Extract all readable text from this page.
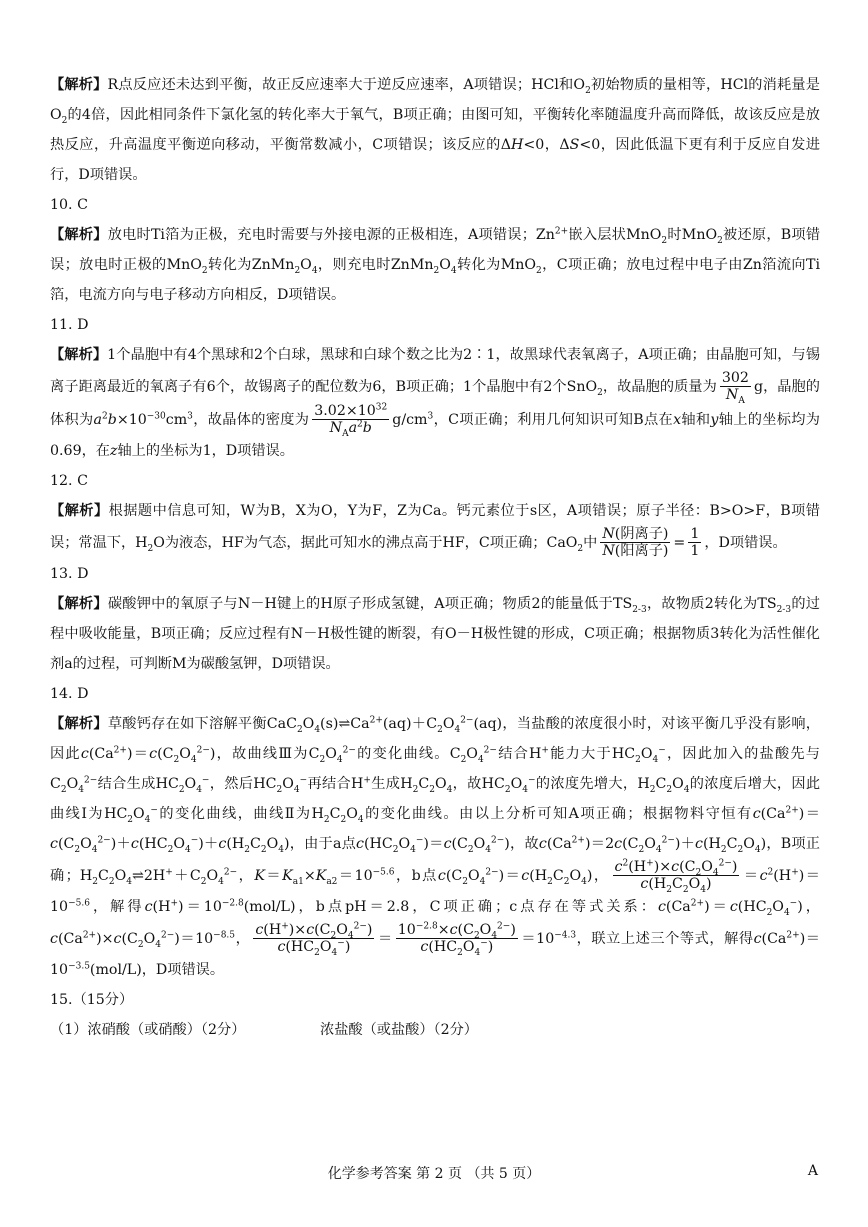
【解析】R点反应还未达到平衡，故正反应速率大于逆反应速率，A项错误；HCl和$O_2$初始物质的量相等，HCl的消耗量是$O_2$的4倍，因此相同条件下氯化氢的转化率大于氧气，B项正确；由图可知，平衡转化率随温度升高而降低，故该反应是放热反应，升高温度平衡逆向移动，平衡常数减小，C项错误；该反应的ΔH<0，ΔS<0，因此低温下更有利于反应自发进行，D项错误。

10. C

【解析】放电时Ti箔为正极，充电时需要与外接电源的正极相连，A项错误；$Zn^{2+}$嵌入层状MnO$_2$时MnO$_2$被还原，B项错误；放电时正极的MnO$_2$转化为$ZnMn_2O_4$，则充电时$ZnMn_2O_4$转化为MnO$_2$，C项正确；放电过程中电子由Zn箔流向Ti箔，电流方向与电子移动方向相反，D项错误。

11. D

【解析】1个晶胞中有4个黑球和2个白球，黑球和白球个数之比为2∶1，故黑球代表氧离子，A项正确；由晶胞可知，与锡离子距离最近的氧离子有6个，故锡离子的配位数为6，B项正确；1个晶胞中有2个SnO$_2$，故晶胞的质量为 $\frac{302}{N_A}$ g，晶胞的体积为$a^2b\times 10^{-30}cm^3$，故晶体的密度为 $\frac{3.02\times 10^{32}}{N_Aa^2b} g/cm^3$，C项正确；利用几何知识可知B点在x轴和y轴上的坐标均为0.69，在z轴上的坐标为1，D项错误。

12. C

【解析】根据题中信息可知，W为B，X为O，Y为F，Z为Ca。钙元素位于s区，A项错误；原子半径：B>O>F，B项错误；常温下，$H_2O$为液态，HF为气态，据此可知水的沸点高于HF，C项正确；CaO$_2$中 $\frac{\text{N(阴离子)}}{\text{N(阳离子)}} = \frac{1}{1}$ ，D项错误。

13. D

【解析】碳酸钾中的氧原子与N－H键上的H原子形成氢键，A项正确；物质2的能量低于$TS_{2-3}$，故物质2转化为$TS_{2-3}$的过程中吸收能量，B项正确；反应过程有N－H极性键的断裂，有O－H极性键的形成，C项正确；根据物质3转化为活性催化剂a的过程，可判断M为碳酸氢钾，D项错误。

14. D

【解析】草酸钙存在如下溶解平衡$CaC_2O_4(s)\rightleftharpoons Ca^{2+}(aq)+C_2O_4^{2-}(aq)$，当盐酸的浓度很小时，对该平衡几乎没有影响，因此$c(Ca^{2+})=c(C_2O_4^{2-})$，故曲线Ⅲ为$C_2O_4^{2-}$的变化曲线。$C_2O_4^{2-}$结合H+能力大于$HC_2O_4^-$，因此加入的盐酸先与$C_2O_4^{2-}$结合生成$HC_2O_4^-$，然后$HC_2O_4^-$再结合H+生成$H_2C_2O_4$，故$HC_2O_4^-$的浓度先增大，$H_2C_2O_4$的浓度后增大，因此曲线Ⅰ为$HC_2O_4^-$的变化曲线，曲线Ⅱ为$H_2C_2O_4$的变化曲线。由以上分析可知A项正确；根据物料守恒有$c(Ca^{2+})=c(C_2O_4^{2-})+c(HC_2O_4^-)+c(H_2C_2O_4)$，由于a点$c(HC_2O_4^-)=c(C_2O_4^{2-})$，故$c(Ca^{2+})=2c(C_2O_4^{2-})+c(H_2C_2O_4)$，B项正确；$H_2C_2O_4\rightleftharpoons 2H^++C_2O_4^{2-}$，$K=K_{a1}\times K_{a2}=10^{-5.6}$，b点$c(C_2O_4^{2-})=c(H_2C_2O_4)$， $\frac{c^2(H^+)\times c(C_2O_4^{2-})}{c(H_2C_2O_4)} =c^2(H^+)=10^{-5.6}$，解得$c(H^+)=10^{-2.8}(mol/L)$，b点pH＝2.8，C项正确；c点存在等式关系：$c(Ca^{2+})=c(HC_2O_4^-)$，$c(Ca^{2+})\times c(C_2O_4^{2-})=10^{-8.5}$， $\frac{c(H^+)\times c(C_2O_4^{2-})}{c(HC_2O_4^-)} = \frac{10^{-2.8}\times c(C_2O_4^{2-})}{c(HC_2O_4^-)} =10^{-4.3}$，联立上述三个等式，解得$c(Ca^{2+})=10^{-3.5}(mol/L)$，D项错误。

15.（15分）

（1）浓硝酸（或硝酸）（2分）	浓盐酸（或盐酸）（2分）

化学参考答案 第 2 页 （共 5 页）	A
